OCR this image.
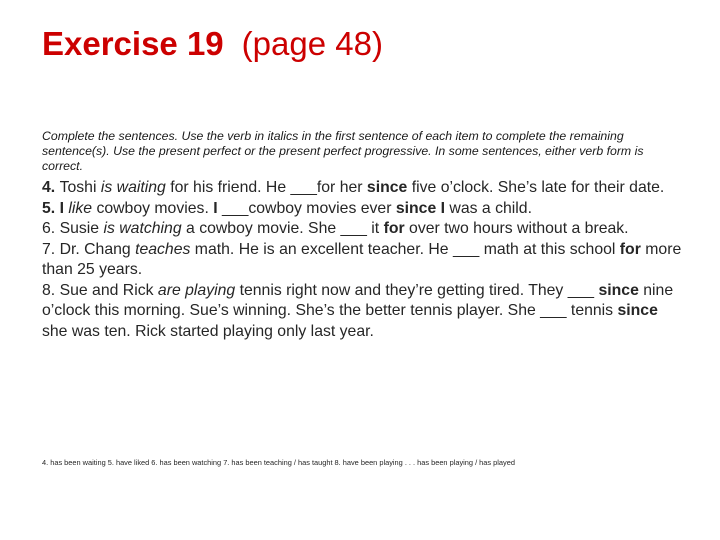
Exercise 19 (page 48)

Complete the sentences. Use the verb in italics in the first sentence of each item to complete the remaining sentence(s). Use the present perfect or the present perfect progressive. In some sentences, either verb form is correct.

4. Toshi is waiting for his friend. He ___for her since five o’clock. She’s late for their date.

5. I like cowboy movies. I ___cowboy movies ever since I was a child.

6. Susie is watching a cowboy movie. She ___ it for over two hours without a break.

7. Dr. Chang teaches math. He is an excellent teacher. He ___ math at this school for more than 25 years.

8. Sue and Rick are playing tennis right now and they’re getting tired. They ___ since nine o’clock this morning. Sue’s winning. She’s the better tennis player. She ___ tennis since she was ten. Rick started playing only last year.

4. has been waiting 5. have liked 6. has been watching 7. has been teaching / has taught 8. have been playing . . . has been playing / has played
